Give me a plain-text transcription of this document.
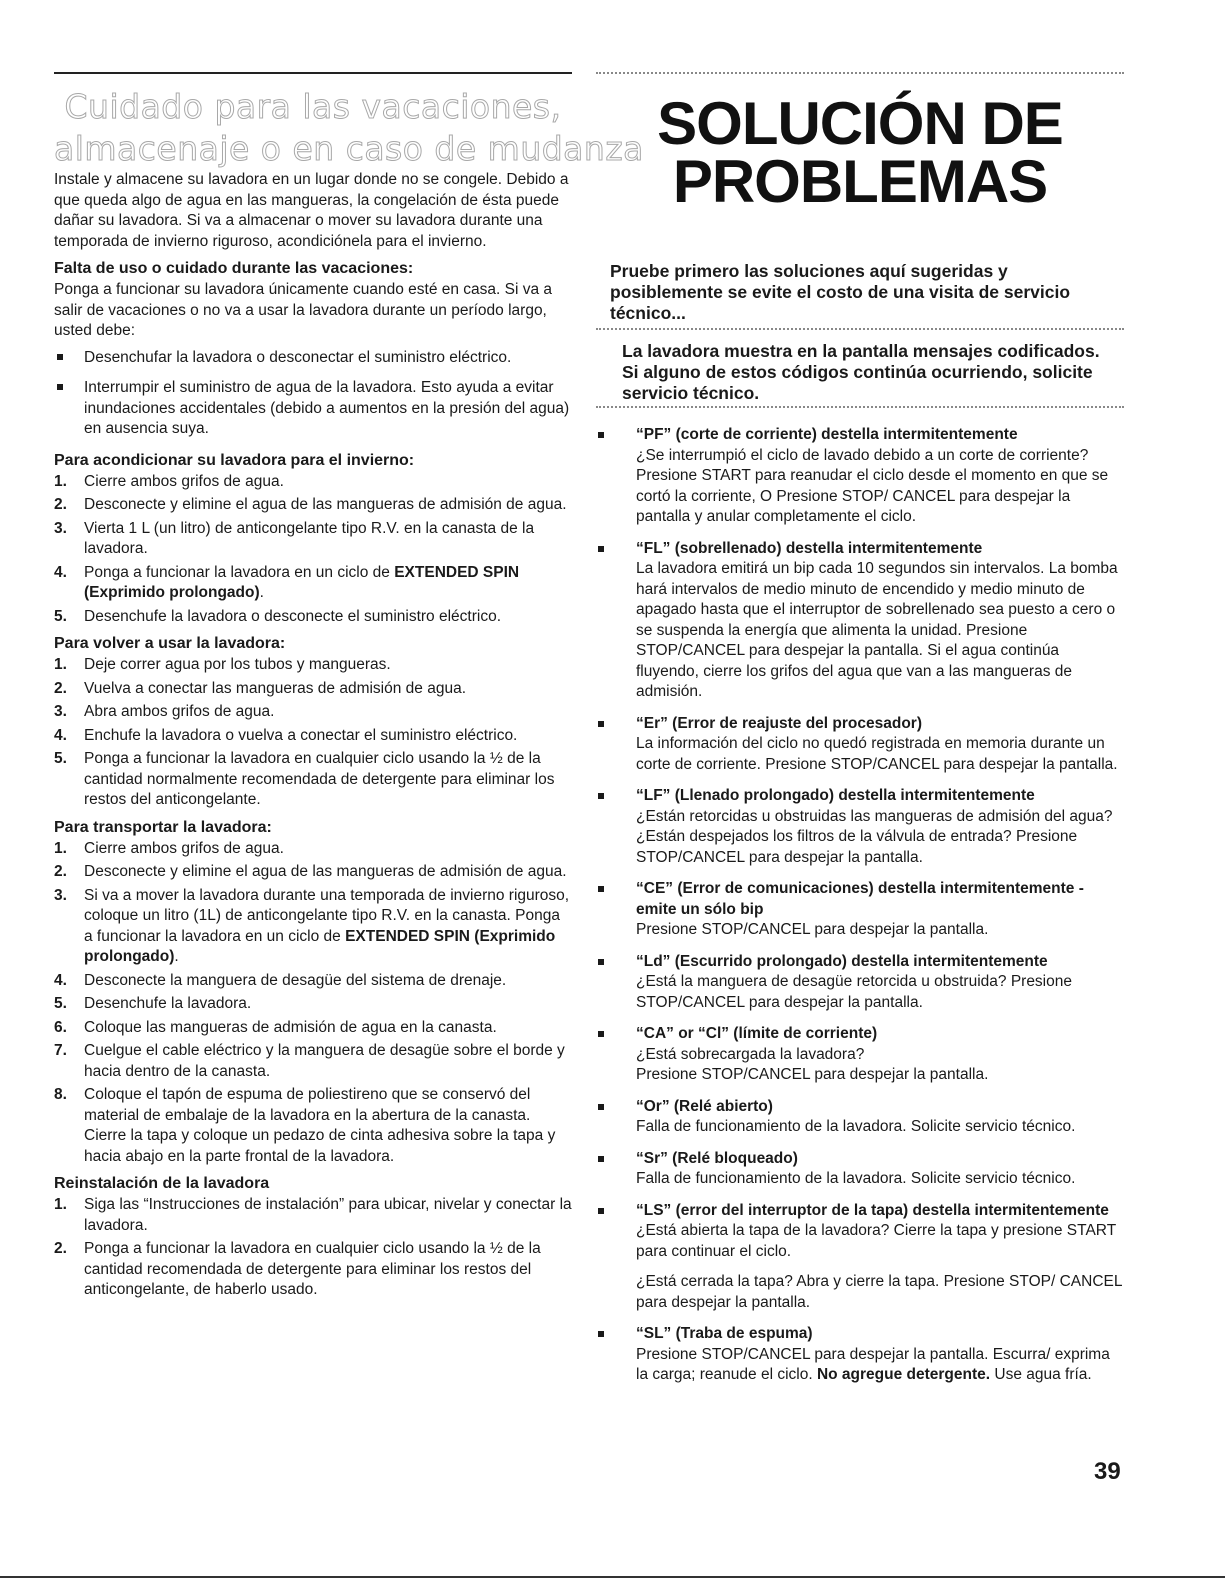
Cuidado para las vacaciones,
almacenaje o en caso de mudanza

Instale y almacene su lavadora en un lugar donde no se congele. Debido a que queda algo de agua en las mangueras, la congelación de ésta puede dañar su lavadora. Si va a almacenar o mover su lavadora durante una temporada de invierno riguroso, acondiciónela para el invierno.

Falta de uso o cuidado durante las vacaciones:

Ponga a funcionar su lavadora únicamente cuando esté en casa. Si va a salir de vacaciones o no va a usar la lavadora durante un período largo, usted debe:

Desenchufar la lavadora o desconectar el suministro eléctrico.
Interrumpir el suministro de agua de la lavadora. Esto ayuda a evitar inundaciones accidentales (debido a aumentos en la presión del agua) en ausencia suya.
Para acondicionar su lavadora para el invierno:
1. Cierre ambos grifos de agua.
2. Desconecte y elimine el agua de las mangueras de admisión de agua.
3. Vierta 1 L (un litro) de anticongelante tipo R.V. en la canasta de la lavadora.
4. Ponga a funcionar la lavadora en un ciclo de EXTENDED SPIN (Exprimido prolongado).
5. Desenchufe la lavadora o desconecte el suministro eléctrico.
Para volver a usar la lavadora:
1. Deje correr agua por los tubos y mangueras.
2. Vuelva a conectar las mangueras de admisión de agua.
3. Abra ambos grifos de agua.
4. Enchufe la lavadora o vuelva a conectar el suministro eléctrico.
5. Ponga a funcionar la lavadora en cualquier ciclo usando la ½ de la cantidad normalmente recomendada de detergente para eliminar los restos del anticongelante.
Para transportar la lavadora:
1. Cierre ambos grifos de agua.
2. Desconecte y elimine el agua de las mangueras de admisión de agua.
3. Si va a mover la lavadora durante una temporada de invierno riguroso, coloque un litro (1L) de anticongelante tipo R.V. en la canasta. Ponga a funcionar la lavadora en un ciclo de EXTENDED SPIN (Exprimido prolongado).
4. Desconecte la manguera de desagüe del sistema de drenaje.
5. Desenchufe la lavadora.
6. Coloque las mangueras de admisión de agua en la canasta.
7. Cuelgue el cable eléctrico y la manguera de desagüe sobre el borde y hacia dentro de la canasta.
8. Coloque el tapón de espuma de poliestireno que se conservó del material de embalaje de la lavadora en la abertura de la canasta. Cierre la tapa y coloque un pedazo de cinta adhesiva sobre la tapa y hacia abajo en la parte frontal de la lavadora.
Reinstalación de la lavadora
1. Siga las “Instrucciones de instalación” para ubicar, nivelar y conectar la lavadora.
2. Ponga a funcionar la lavadora en cualquier ciclo usando la ½ de la cantidad recomendada de detergente para eliminar los restos del anticongelante, de haberlo usado.
SOLUCIÓN DE
PROBLEMAS
Pruebe primero las soluciones aquí sugeridas y posiblemente se evite el costo de una visita de servicio técnico...
La lavadora muestra en la pantalla mensajes codificados.
Si alguno de estos códigos continúa ocurriendo, solicite servicio técnico.
“PF” (corte de corriente) destella intermitentemente
¿Se interrumpió el ciclo de lavado debido a un corte de corriente? Presione START para reanudar el ciclo desde el momento en que se cortó la corriente, O Presione STOP/ CANCEL para despejar la pantalla y anular completamente el ciclo.
“FL” (sobrellenado) destella intermitentemente
La lavadora emitirá un bip cada 10 segundos sin intervalos. La bomba hará intervalos de medio minuto de encendido y medio minuto de apagado hasta que el interruptor de sobrellenado sea puesto a cero o se suspenda la energía que alimenta la unidad. Presione STOP/CANCEL para despejar la pantalla. Si el agua continúa fluyendo, cierre los grifos del agua que van a las mangueras de admisión.
“Er” (Error de reajuste del procesador)
La información del ciclo no quedó registrada en memoria durante un corte de corriente. Presione STOP/CANCEL para despejar la pantalla.
“LF” (Llenado prolongado) destella intermitentemente
¿Están retorcidas u obstruidas las mangueras de admisión del agua?
¿Están despejados los filtros de la válvula de entrada? Presione STOP/CANCEL para despejar la pantalla.
“CE” (Error de comunicaciones) destella intermitentemente - emite un sólo bip
Presione STOP/CANCEL para despejar la pantalla.
“Ld” (Escurrido prolongado) destella intermitentemente
¿Está la manguera de desagüe retorcida u obstruida? Presione STOP/CANCEL para despejar la pantalla.
“CA” or “Cl” (límite de corriente)
¿Está sobrecargada la lavadora?
Presione STOP/CANCEL para despejar la pantalla.
“Or” (Relé abierto)
Falla de funcionamiento de la lavadora. Solicite servicio técnico.
“Sr” (Relé bloqueado)
Falla de funcionamiento de la lavadora. Solicite servicio técnico.
“LS” (error del interruptor de la tapa) destella intermitentemente
¿Está abierta la tapa de la lavadora? Cierre la tapa y presione START para continuar el ciclo.
¿Está cerrada la tapa? Abra y cierre la tapa. Presione STOP/ CANCEL para despejar la pantalla.
“SL” (Traba de espuma)
Presione STOP/CANCEL para despejar la pantalla. Escurra/ exprima la carga; reanude el ciclo. No agregue detergente. Use agua fría.
39
